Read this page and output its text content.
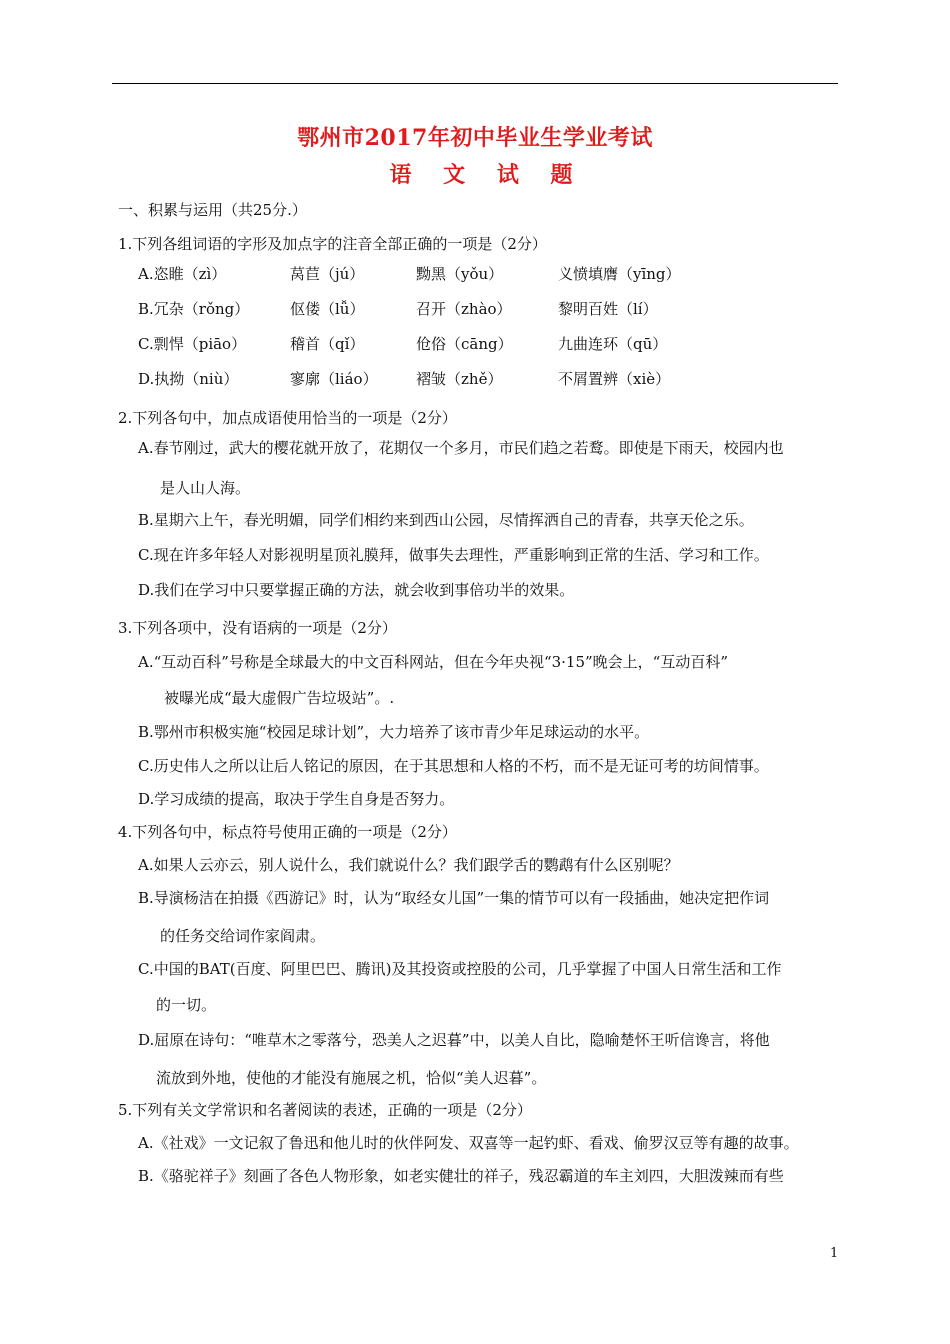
鄂州市2017年初中毕业生学业考试
语 文 试 题
一、积累与运用（共25分.）
1.下列各组词语的字形及加点字的注音全部正确的一项是（2分）
A.恣睢（zì）	莴苣（jú）	黝黑（yǒu）	义愤填膺（yīng）
B.冗杂（rǒng）	伛偻（lǚ）	召开（zhào）	黎明百姓（lí）
C.剽悍（piāo）	稽首（qǐ）	伧俗（cāng）	九曲连环（qū）
D.执拗（niù）	寥廓（liáo）	褶皱（zhě）	不屑置辨（xiè）
2.下列各句中，加点成语使用恰当的一项是（2分）
A.春节刚过，武大的樱花就开放了，花期仅一个多月，市民们趋之若鹜。即使是下雨天，校园内也
是人山人海。
B.星期六上午，春光明媚，同学们相约来到西山公园，尽情挥洒自己的青春，共享天伦之乐。
C.现在许多年轻人对影视明星顶礼膜拜，做事失去理性，严重影响到正常的生活、学习和工作。
D.我们在学习中只要掌握正确的方法，就会收到事倍功半的效果。
3.下列各项中，没有语病的一项是（2分）
A.“互动百科”号称是全球最大的中文百科网站，但在今年央视“3·15”晚会上，“互动百科”
被曝光成“最大虚假广告垃圾站”。.
B.鄂州市积极实施“校园足球计划”，大力培养了该市青少年足球运动的水平。
C.历史伟人之所以让后人铭记的原因，在于其思想和人格的不朽，而不是无证可考的坊间情事。
D.学习成绩的提高，取决于学生自身是否努力。
4.下列各句中，标点符号使用正确的一项是（2分）
A.如果人云亦云，别人说什么，我们就说什么？我们跟学舌的鹦鹉有什么区别呢？
B.导演杨洁在拍摄《西游记》时，认为“取经女儿国”一集的情节可以有一段插曲，她决定把作词
的任务交给词作家阎肃。
C.中国的BAT(百度、阿里巴巴、腾讯)及其投资或控股的公司，几乎掌握了中国人日常生活和工作
的一切。
D.屈原在诗句：“唯草木之零落兮，恐美人之迟暮”中，以美人自比，隐喻楚怀王听信谗言，将他
流放到外地，使他的才能没有施展之机，恰似“美人迟暮”。
5.下列有关文学常识和名著阅读的表述，正确的一项是（2分）
A.《社戏》一文记叙了鲁迅和他儿时的伙伴阿发、双喜等一起钓虾、看戏、偷罗汉豆等有趣的故事。
B.《骆驼祥子》刻画了各色人物形象，如老实健壮的祥子，残忍霸道的车主刘四，大胆泼辣而有些
1
